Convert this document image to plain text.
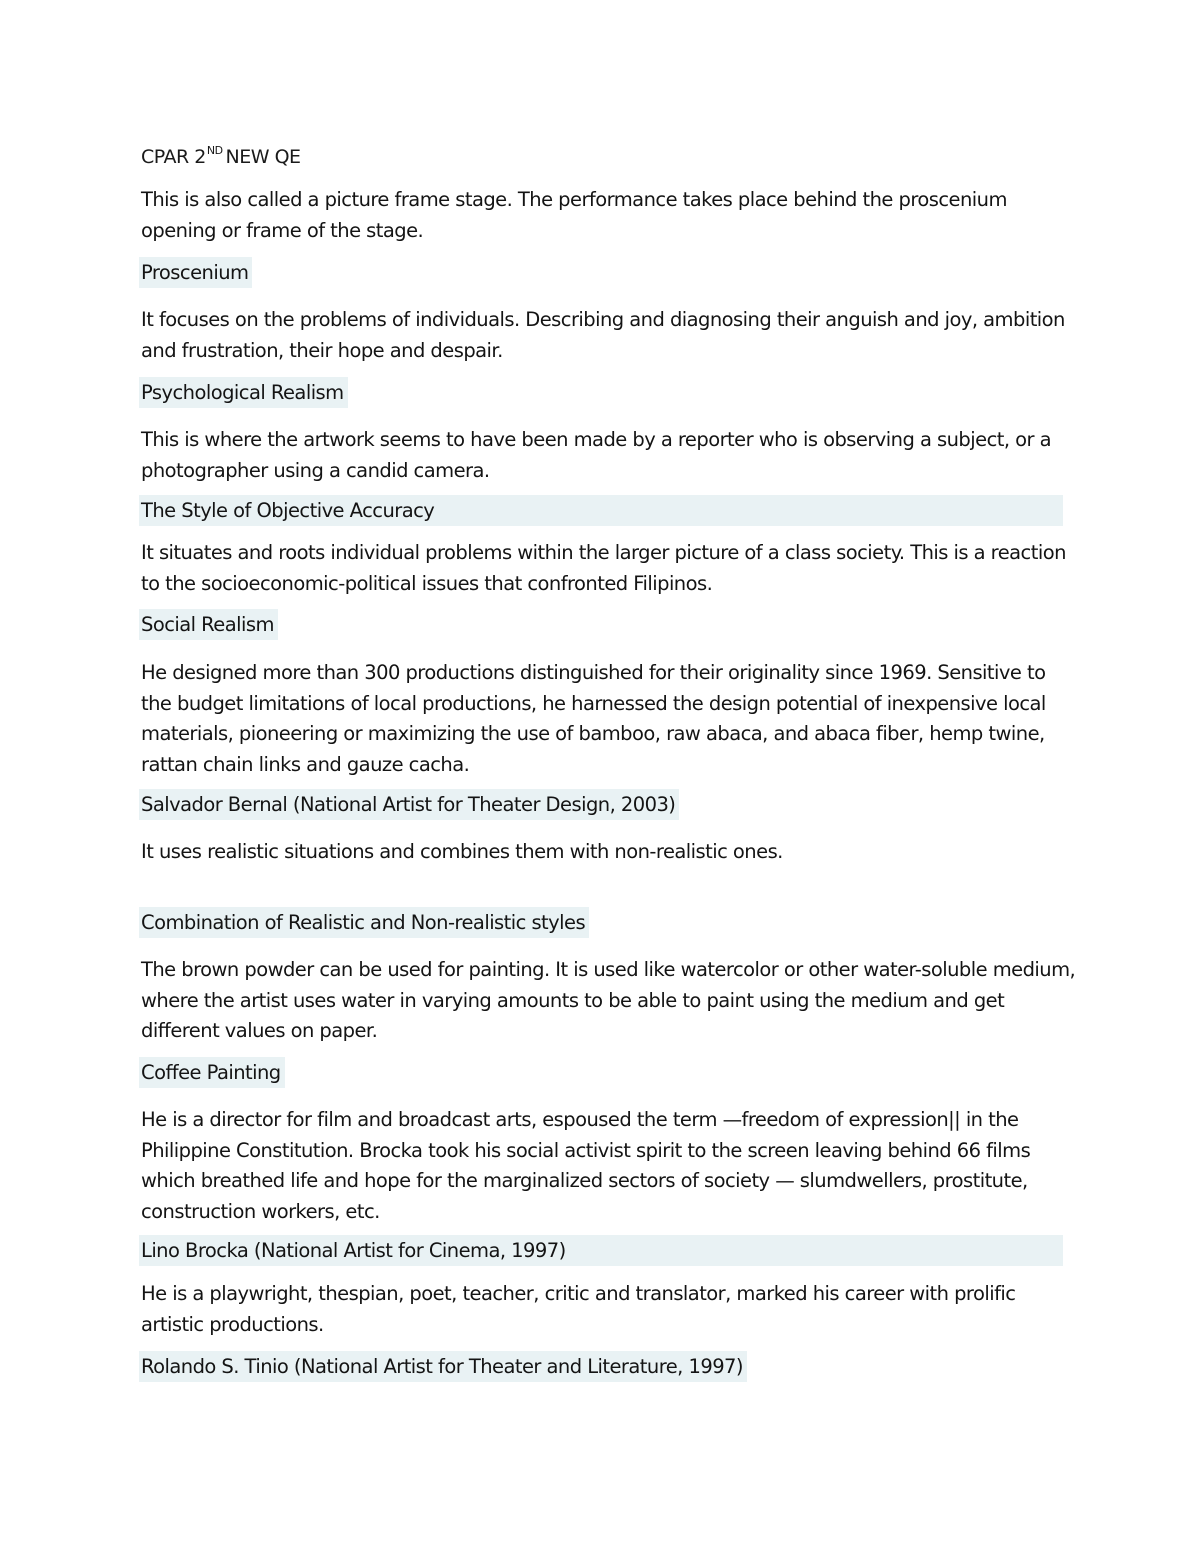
CPAR 2ND NEW QE
This is also called a picture frame stage. The performance takes place behind the proscenium opening or frame of the stage.
Proscenium
It focuses on the problems of individuals. Describing and diagnosing their anguish and joy, ambition and frustration, their hope and despair.
Psychological Realism
This is where the artwork seems to have been made by a reporter who is observing a subject, or a photographer using a candid camera.
The Style of Objective Accuracy
It situates and roots individual problems within the larger picture of a class society. This is a reaction to the socioeconomic-political issues that confronted Filipinos.
Social Realism
He designed more than 300 productions distinguished for their originality since 1969. Sensitive to the budget limitations of local productions, he harnessed the design potential of inexpensive local materials, pioneering or maximizing the use of bamboo, raw abaca, and abaca fiber, hemp twine, rattan chain links and gauze cacha.
Salvador Bernal (National Artist for Theater Design, 2003)
It uses realistic situations and combines them with non-realistic ones.
Combination of Realistic and Non-realistic styles
The brown powder can be used for painting. It is used like watercolor or other water-soluble medium, where the artist uses water in varying amounts to be able to paint using the medium and get different values on paper.
Coffee Painting
He is a director for film and broadcast arts, espoused the term —freedom of expression|| in the Philippine Constitution. Brocka took his social activist spirit to the screen leaving behind 66 films which breathed life and hope for the marginalized sectors of society — slumdwellers, prostitute, construction workers, etc.
Lino Brocka (National Artist for Cinema, 1997)
He is a playwright, thespian, poet, teacher, critic and translator, marked his career with prolific artistic productions.
Rolando S. Tinio (National Artist for Theater and Literature, 1997)
